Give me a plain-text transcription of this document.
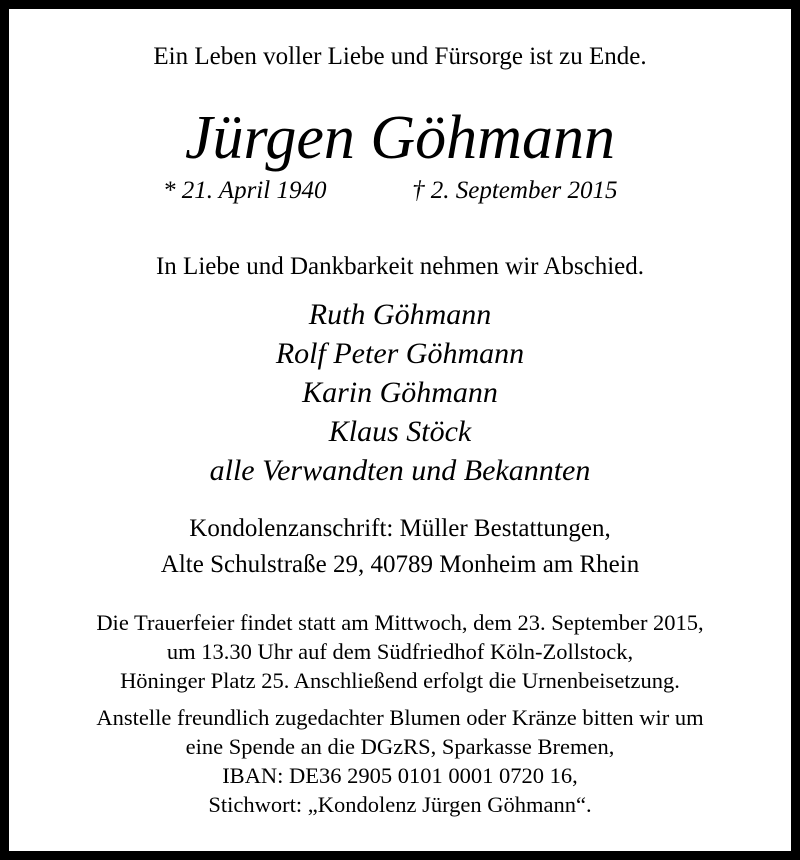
Ein Leben voller Liebe und Fürsorge ist zu Ende.
Jürgen Göhmann
* 21. April 1940	† 2. September 2015
In Liebe und Dankbarkeit nehmen wir Abschied.
Ruth Göhmann
Rolf Peter Göhmann
Karin Göhmann
Klaus Stöck
alle Verwandten und Bekannten
Kondolenzanschrift: Müller Bestattungen,
Alte Schulstraße 29, 40789 Monheim am Rhein
Die Trauerfeier findet statt am Mittwoch, dem 23. September 2015,
um 13.30 Uhr auf dem Südfriedhof Köln-Zollstock,
Höninger Platz 25. Anschließend erfolgt die Urnenbeisetzung.
Anstelle freundlich zugedachter Blumen oder Kränze bitten wir um
eine Spende an die DGzRS, Sparkasse Bremen,
IBAN: DE36 2905 0101 0001 0720 16,
Stichwort: „Kondolenz Jürgen Göhmann“.
